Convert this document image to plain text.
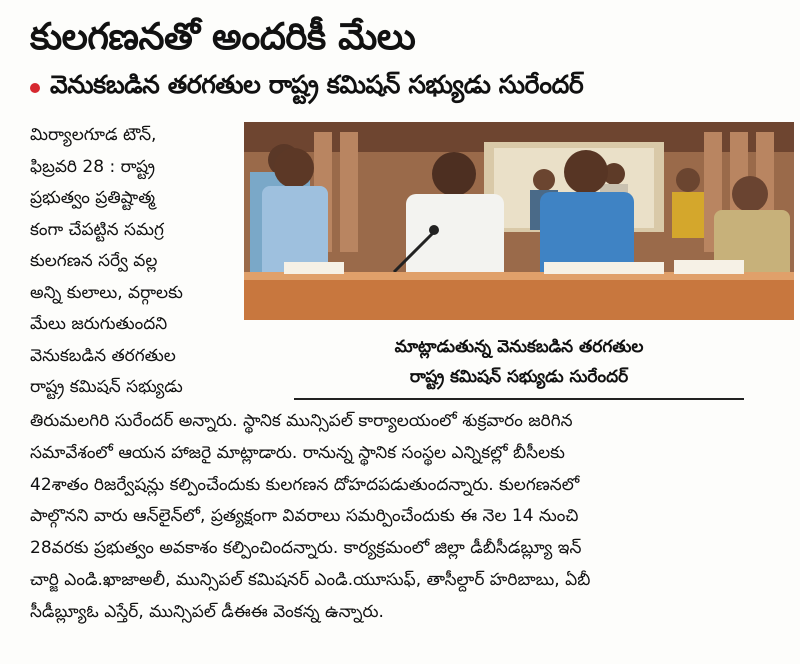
కులగణనతో అందరికీ మేలు
వెనుకబడిన తరగతుల రాష్ట్ర కమిషన్ సభ్యుడు సురేందర్
మిర్యాలగూడ టౌన్,
ఫిబ్రవరి 28 : రాష్ట్ర
ప్రభుత్వం ప్రతిష్టాత్మ
కంగా చేపట్టిన సమగ్ర
కులగణన సర్వే వల్ల
అన్ని కులాలు, వర్గాలకు
మేలు జరుగుతుందని
వెనుకబడిన తరగతుల
రాష్ట్ర కమిషన్ సభ్యుడు
మాట్లాడుతున్న వెనుకబడిన తరగతుల
రాష్ట్ర కమిషన్ సభ్యుడు సురేందర్
తిరుమలగిరి సురేందర్ అన్నారు. స్థానిక మున్సిపల్ కార్యాలయంలో శుక్రవారం జరిగిన
సమావేశంలో ఆయన హాజరై మాట్లాడారు. రానున్న స్థానిక సంస్థల ఎన్నికల్లో బీసీలకు
42శాతం రిజర్వేషన్లు కల్పించేందుకు కులగణన దోహదపడుతుందన్నారు. కులగణనలో
పాల్గొనని వారు ఆన్‌లైన్‌లో, ప్రత్యక్షంగా వివరాలు సమర్పించేందుకు ఈ నెల 14 నుంచి
28వరకు ప్రభుత్వం అవకాశం కల్పించిందన్నారు. కార్యక్రమంలో జిల్లా డీబీసీడబ్ల్యూ ఇన్
చార్జి ఎండి.ఖాజాఅలీ, మున్సిపల్ కమిషనర్ ఎండి.యూసుఫ్, తాసీల్దార్ హరిబాబు, ఏబీ
సీడీబ్ల్యూఓ ఎస్తేర్, మున్సిపల్ డీఈఈ వెంకన్న ఉన్నారు.
